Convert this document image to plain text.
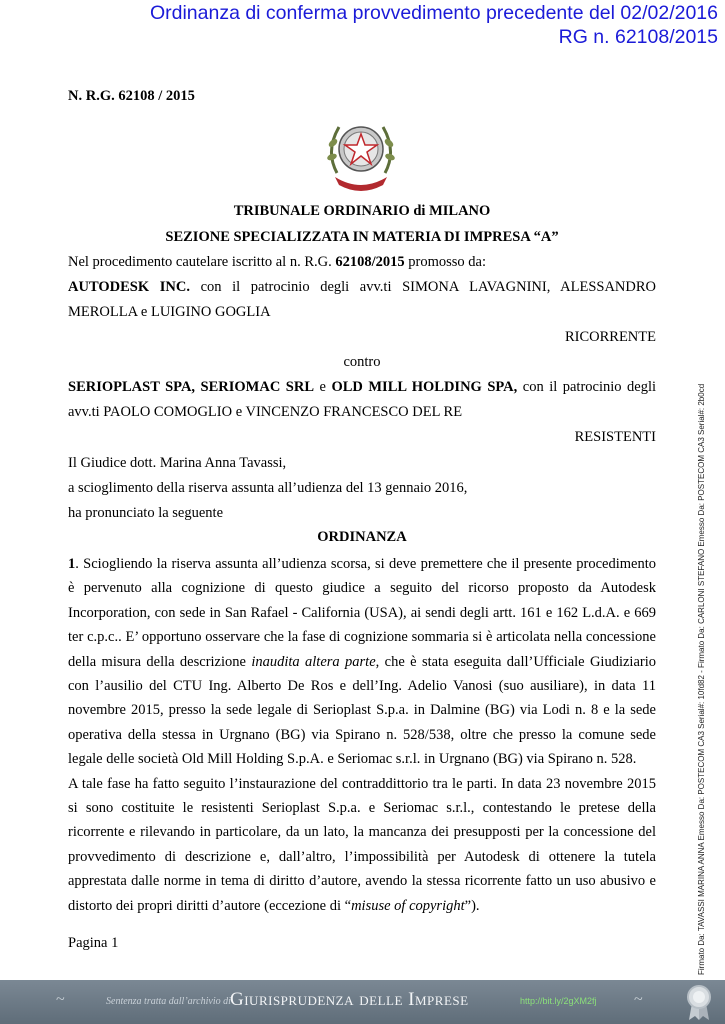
Ordinanza di conferma provvedimento precedente del 02/02/2016
RG n. 62108/2015
N. R.G. 62108 / 2015
TRIBUNALE ORDINARIO di MILANO
SEZIONE SPECIALIZZATA IN MATERIA DI IMPRESA “A”
Nel procedimento cautelare iscritto al n. R.G. 62108/2015 promosso da:
AUTODESK INC. con il patrocinio degli avv.ti SIMONA LAVAGNINI, ALESSANDRO
MEROLLA e LUIGINO GOGLIA
RICORRENTE
contro
SERIOPLAST SPA, SERIOMAC SRL e OLD MILL HOLDING SPA, con il patrocinio degli
avv.ti PAOLO COMOGLIO e VINCENZO FRANCESCO DEL RE
RESISTENTI
Il Giudice dott. Marina Anna Tavassi,
a scioglimento della riserva assunta all’udienza del 13 gennaio 2016,
ha pronunciato la seguente
ORDINANZA

1. Sciogliendo la riserva assunta all’udienza scorsa, si deve premettere che il presente procedimento è pervenuto alla cognizione di questo giudice a seguito del ricorso proposto da Autodesk Incorporation, con sede in San Rafael - California (USA), ai sendi degli artt. 161 e 162 L.d.A. e 669 ter c.p.c.. E’ opportuno osservare che la fase di cognizione sommaria si è articolata nella concessione della misura della descrizione inaudita altera parte, che è stata eseguita dall’Ufficiale Giudiziario con l’ausilio del CTU Ing. Alberto De Ros e dell’Ing. Adelio Vanosi (suo ausiliare), in data 11 novembre 2015, presso la sede legale di Serioplast S.p.a. in Dalmine (BG) via Lodi n. 8 e la sede operativa della stessa in Urgnano (BG) via Spirano n. 528/538, oltre che presso la comune sede legale delle società Old Mill Holding S.p.A. e Seriomac s.r.l. in Urgnano (BG) via Spirano n. 528.

A tale fase ha fatto seguito l’instaurazione del contraddittorio tra le parti. In data 23 novembre 2015 si sono costituite le resistenti Serioplast S.p.a. e Seriomac s.r.l., contestando le pretese della ricorrente e rilevando in particolare, da un lato, la mancanza dei presupposti per la concessione del provvedimento di descrizione e, dall’altro, l’impossibilità per Autodesk di ottenere la tutela apprestata dalle norme in tema di diritto d’autore, avendo la stessa ricorrente fatto un uso abusivo e distorto dei propri diritti d’autore (eccezione di “misuse of copyright”).

Pagina 1	Firmato Da: TAVASSI MARINA ANNA Emesso Da: POSTECOM CA3 Serial#: 10fd82 - Firmato Da: CARLONI STEFANO Emesso Da: POSTECOM CA3 Serial#: 2b0cd
~	Sentenza tratta dall’archivio di Giurisprudenza delle Imprese	http://bit.ly/2gXM2fj ~
